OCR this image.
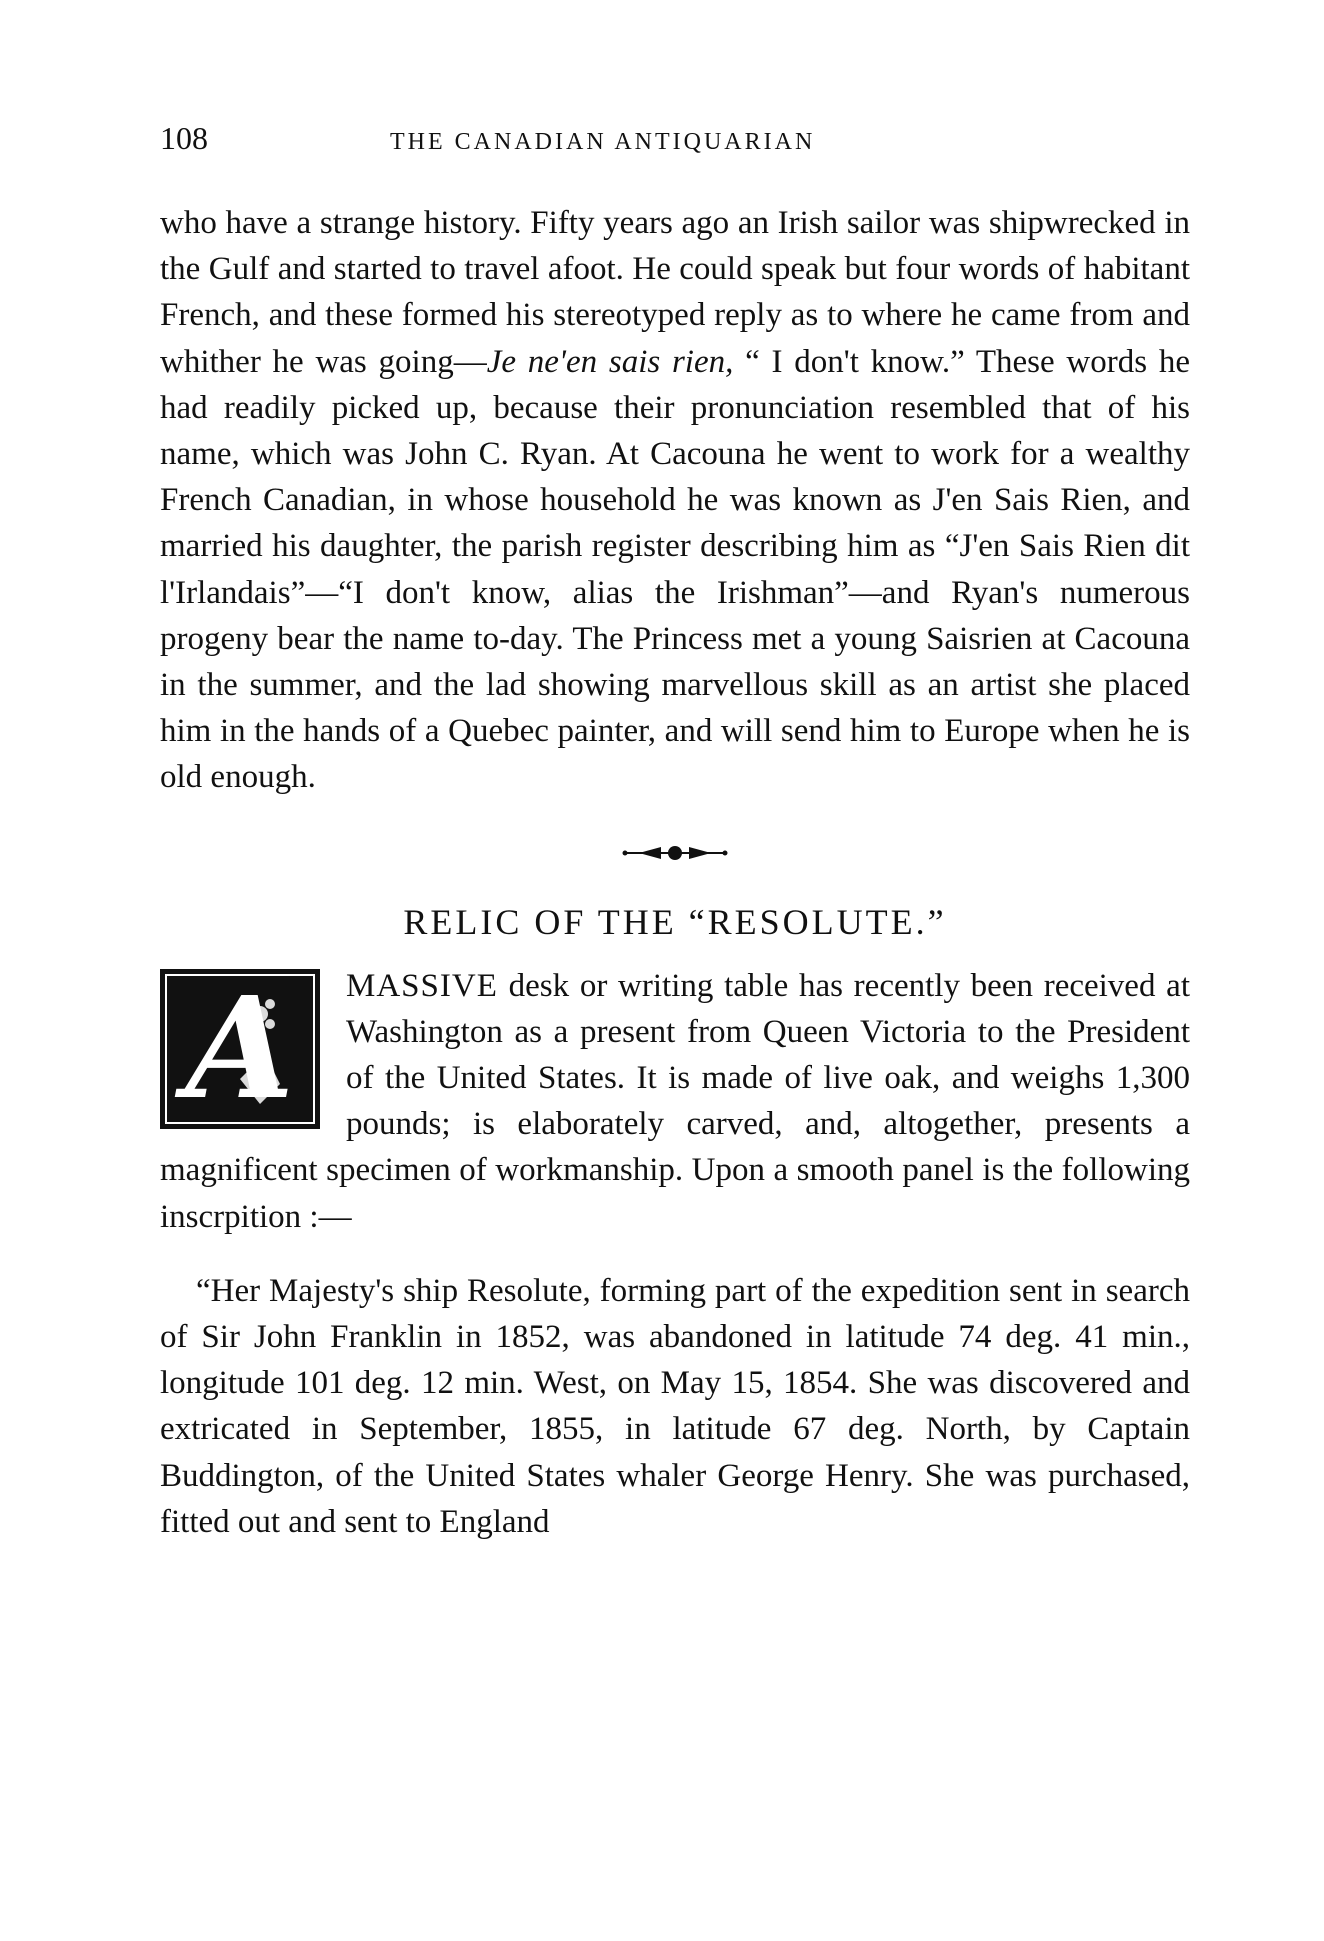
108	THE CANADIAN ANTIQUARIAN

who have a strange history. Fifty years ago an Irish sailor was shipwrecked in the Gulf and started to travel afoot. He could speak but four words of habitant French, and these formed his stereotyped reply as to where he came from and whither he was going—Je ne'en sais rien, “ I don't know.” These words he had readily picked up, because their pronunciation resembled that of his name, which was John C. Ryan. At Cacouna he went to work for a wealthy French Canadian, in whose household he was known as J'en Sais Rien, and married his daughter, the parish register describing him as “J'en Sais Rien dit l'Irlandais”—“I don't know, alias the Irishman”—and Ryan's numerous progeny bear the name to-day. The Princess met a young Saisrien at Cacouna in the summer, and the lad showing marvellous skill as an artist she placed him in the hands of a Quebec painter, and will send him to Europe when he is old enough.

RELIC OF THE “RESOLUTE.”
A	MASSIVE desk or writing table has recently been received at Washington as a present from Queen Victoria to the President of the United States. It is made of live oak, and weighs 1,300 pounds; is elaborately carved, and, altogether, presents a magnificent specimen of workmanship. Upon a smooth panel is the following inscrpition :—

“Her Majesty's ship Resolute, forming part of the expedition sent in search of Sir John Franklin in 1852, was abandoned in latitude 74 deg. 41 min., longitude 101 deg. 12 min. West, on May 15, 1854. She was discovered and extricated in September, 1855, in latitude 67 deg. North, by Captain Buddington, of the United States whaler George Henry. She was purchased, fitted out and sent to England
